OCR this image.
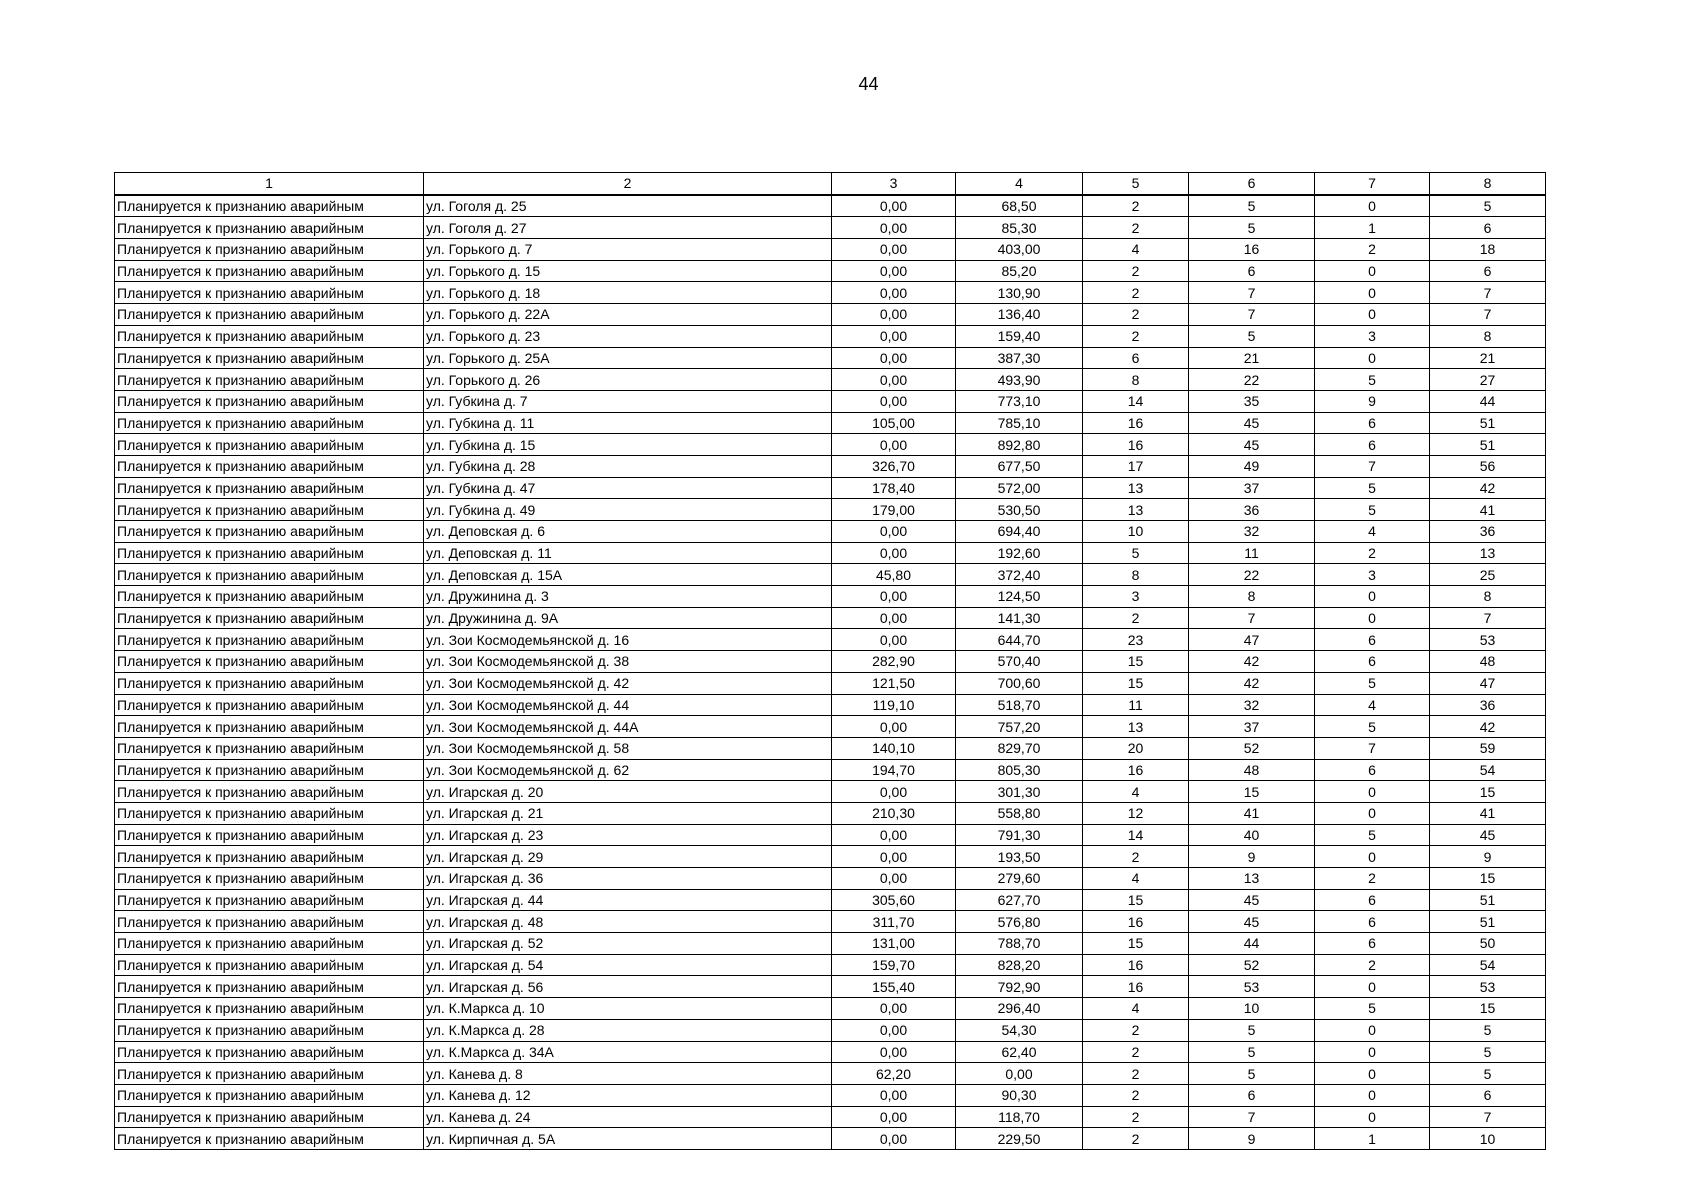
44
1	2	3	4	5	6	7	8
Планируется к признанию аварийным	ул. Гоголя д. 25	0,00	68,50	2	5	0	5
Планируется к признанию аварийным	ул. Гоголя д. 27	0,00	85,30	2	5	1	6
Планируется к признанию аварийным	ул. Горького д. 7	0,00	403,00	4	16	2	18
Планируется к признанию аварийным	ул. Горького д. 15	0,00	85,20	2	6	0	6
Планируется к признанию аварийным	ул. Горького д. 18	0,00	130,90	2	7	0	7
Планируется к признанию аварийным	ул. Горького д. 22А	0,00	136,40	2	7	0	7
Планируется к признанию аварийным	ул. Горького д. 23	0,00	159,40	2	5	3	8
Планируется к признанию аварийным	ул. Горького д. 25А	0,00	387,30	6	21	0	21
Планируется к признанию аварийным	ул. Горького д. 26	0,00	493,90	8	22	5	27
Планируется к признанию аварийным	ул. Губкина д. 7	0,00	773,10	14	35	9	44
Планируется к признанию аварийным	ул. Губкина д. 11	105,00	785,10	16	45	6	51
Планируется к признанию аварийным	ул. Губкина д. 15	0,00	892,80	16	45	6	51
Планируется к признанию аварийным	ул. Губкина д. 28	326,70	677,50	17	49	7	56
Планируется к признанию аварийным	ул. Губкина д. 47	178,40	572,00	13	37	5	42
Планируется к признанию аварийным	ул. Губкина д. 49	179,00	530,50	13	36	5	41
Планируется к признанию аварийным	ул. Деповская д. 6	0,00	694,40	10	32	4	36
Планируется к признанию аварийным	ул. Деповская д. 11	0,00	192,60	5	11	2	13
Планируется к признанию аварийным	ул. Деповская д. 15А	45,80	372,40	8	22	3	25
Планируется к признанию аварийным	ул. Дружинина д. 3	0,00	124,50	3	8	0	8
Планируется к признанию аварийным	ул. Дружинина д. 9А	0,00	141,30	2	7	0	7
Планируется к признанию аварийным	ул. Зои Космодемьянской д. 16	0,00	644,70	23	47	6	53
Планируется к признанию аварийным	ул. Зои Космодемьянской д. 38	282,90	570,40	15	42	6	48
Планируется к признанию аварийным	ул. Зои Космодемьянской д. 42	121,50	700,60	15	42	5	47
Планируется к признанию аварийным	ул. Зои Космодемьянской д. 44	119,10	518,70	11	32	4	36
Планируется к признанию аварийным	ул. Зои Космодемьянской д. 44А	0,00	757,20	13	37	5	42
Планируется к признанию аварийным	ул. Зои Космодемьянской д. 58	140,10	829,70	20	52	7	59
Планируется к признанию аварийным	ул. Зои Космодемьянской д. 62	194,70	805,30	16	48	6	54
Планируется к признанию аварийным	ул. Игарская д. 20	0,00	301,30	4	15	0	15
Планируется к признанию аварийным	ул. Игарская д. 21	210,30	558,80	12	41	0	41
Планируется к признанию аварийным	ул. Игарская д. 23	0,00	791,30	14	40	5	45
Планируется к признанию аварийным	ул. Игарская д. 29	0,00	193,50	2	9	0	9
Планируется к признанию аварийным	ул. Игарская д. 36	0,00	279,60	4	13	2	15
Планируется к признанию аварийным	ул. Игарская д. 44	305,60	627,70	15	45	6	51
Планируется к признанию аварийным	ул. Игарская д. 48	311,70	576,80	16	45	6	51
Планируется к признанию аварийным	ул. Игарская д. 52	131,00	788,70	15	44	6	50
Планируется к признанию аварийным	ул. Игарская д. 54	159,70	828,20	16	52	2	54
Планируется к признанию аварийным	ул. Игарская д. 56	155,40	792,90	16	53	0	53
Планируется к признанию аварийным	ул. К.Маркса д. 10	0,00	296,40	4	10	5	15
Планируется к признанию аварийным	ул. К.Маркса д. 28	0,00	54,30	2	5	0	5
Планируется к признанию аварийным	ул. К.Маркса д. 34А	0,00	62,40	2	5	0	5
Планируется к признанию аварийным	ул. Канева д. 8	62,20	0,00	2	5	0	5
Планируется к признанию аварийным	ул. Канева д. 12	0,00	90,30	2	6	0	6
Планируется к признанию аварийным	ул. Канева д. 24	0,00	118,70	2	7	0	7
Планируется к признанию аварийным	ул. Кирпичная д. 5А	0,00	229,50	2	9	1	10
